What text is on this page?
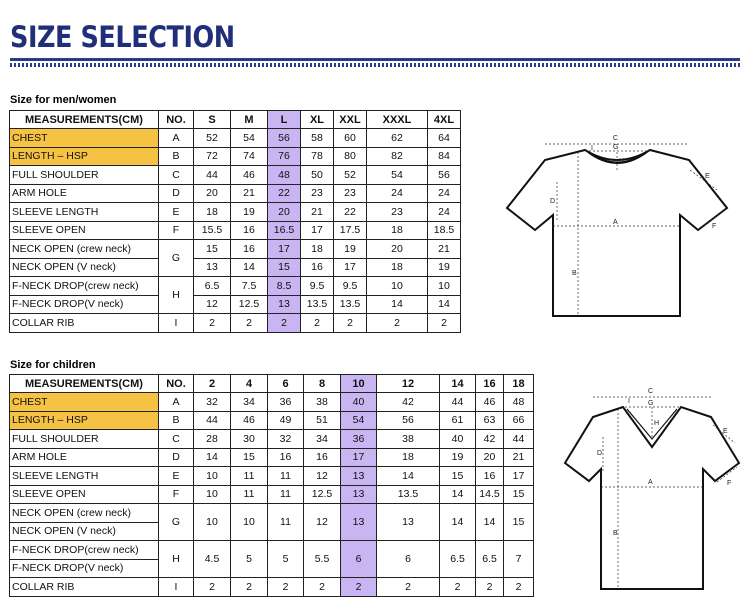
SIZE SELECTION
Size for men/women
MEASUREMENTS(CM)	NO.	S	M	L	XL	XXL	XXXL	4XL
CHEST	A	52	54	56	58	60	62	64
LENGTH – HSP	B	72	74	76	78	80	82	84
FULL SHOULDER	C	44	46	48	50	52	54	56
ARM HOLE	D	20	21	22	23	23	24	24
SLEEVE LENGTH	E	18	19	20	21	22	23	24
SLEEVE OPEN	F	15.5	16	16.5	17	17.5	18	18.5
NECK OPEN (crew neck)	G	15	16	17	18	19	20	21
NECK OPEN (V neck)		13	14	15	16	17	18	19
F-NECK DROP(crew neck)	H	6.5	7.5	8.5	9.5	9.5	10	10
F-NECK DROP(V neck)		12	12.5	13	13.5	13.5	14	14
COLLAR RIB	I	2	2	2	2	2	2	2
Size for children
MEASUREMENTS(CM)	NO.	2	4	6	8	10	12	14	16	18
CHEST	A	32	34	36	38	40	42	44	46	48
LENGTH – HSP	B	44	46	49	51	54	56	61	63	66
FULL SHOULDER	C	28	30	32	34	36	38	40	42	44
ARM HOLE	D	14	15	16	16	17	18	19	20	21
SLEEVE LENGTH	E	10	11	11	12	13	14	15	16	17
SLEEVE OPEN	F	10	11	11	12.5	13	13.5	14	14.5	15
NECK OPEN (crew neck)	G	10	10	11	12	13	13	14	14	15
NECK OPEN (V neck)										
F-NECK DROP(crew neck)	H	4.5	5	5	5.5	6	6	6.5	6.5	7
F-NECK DROP(V neck)										
COLLAR RIB	I	2	2	2	2	2	2	2	2	2
C
I	G
H
D
E
A
F
B
C
I	G
H
D
E
A	F
B
